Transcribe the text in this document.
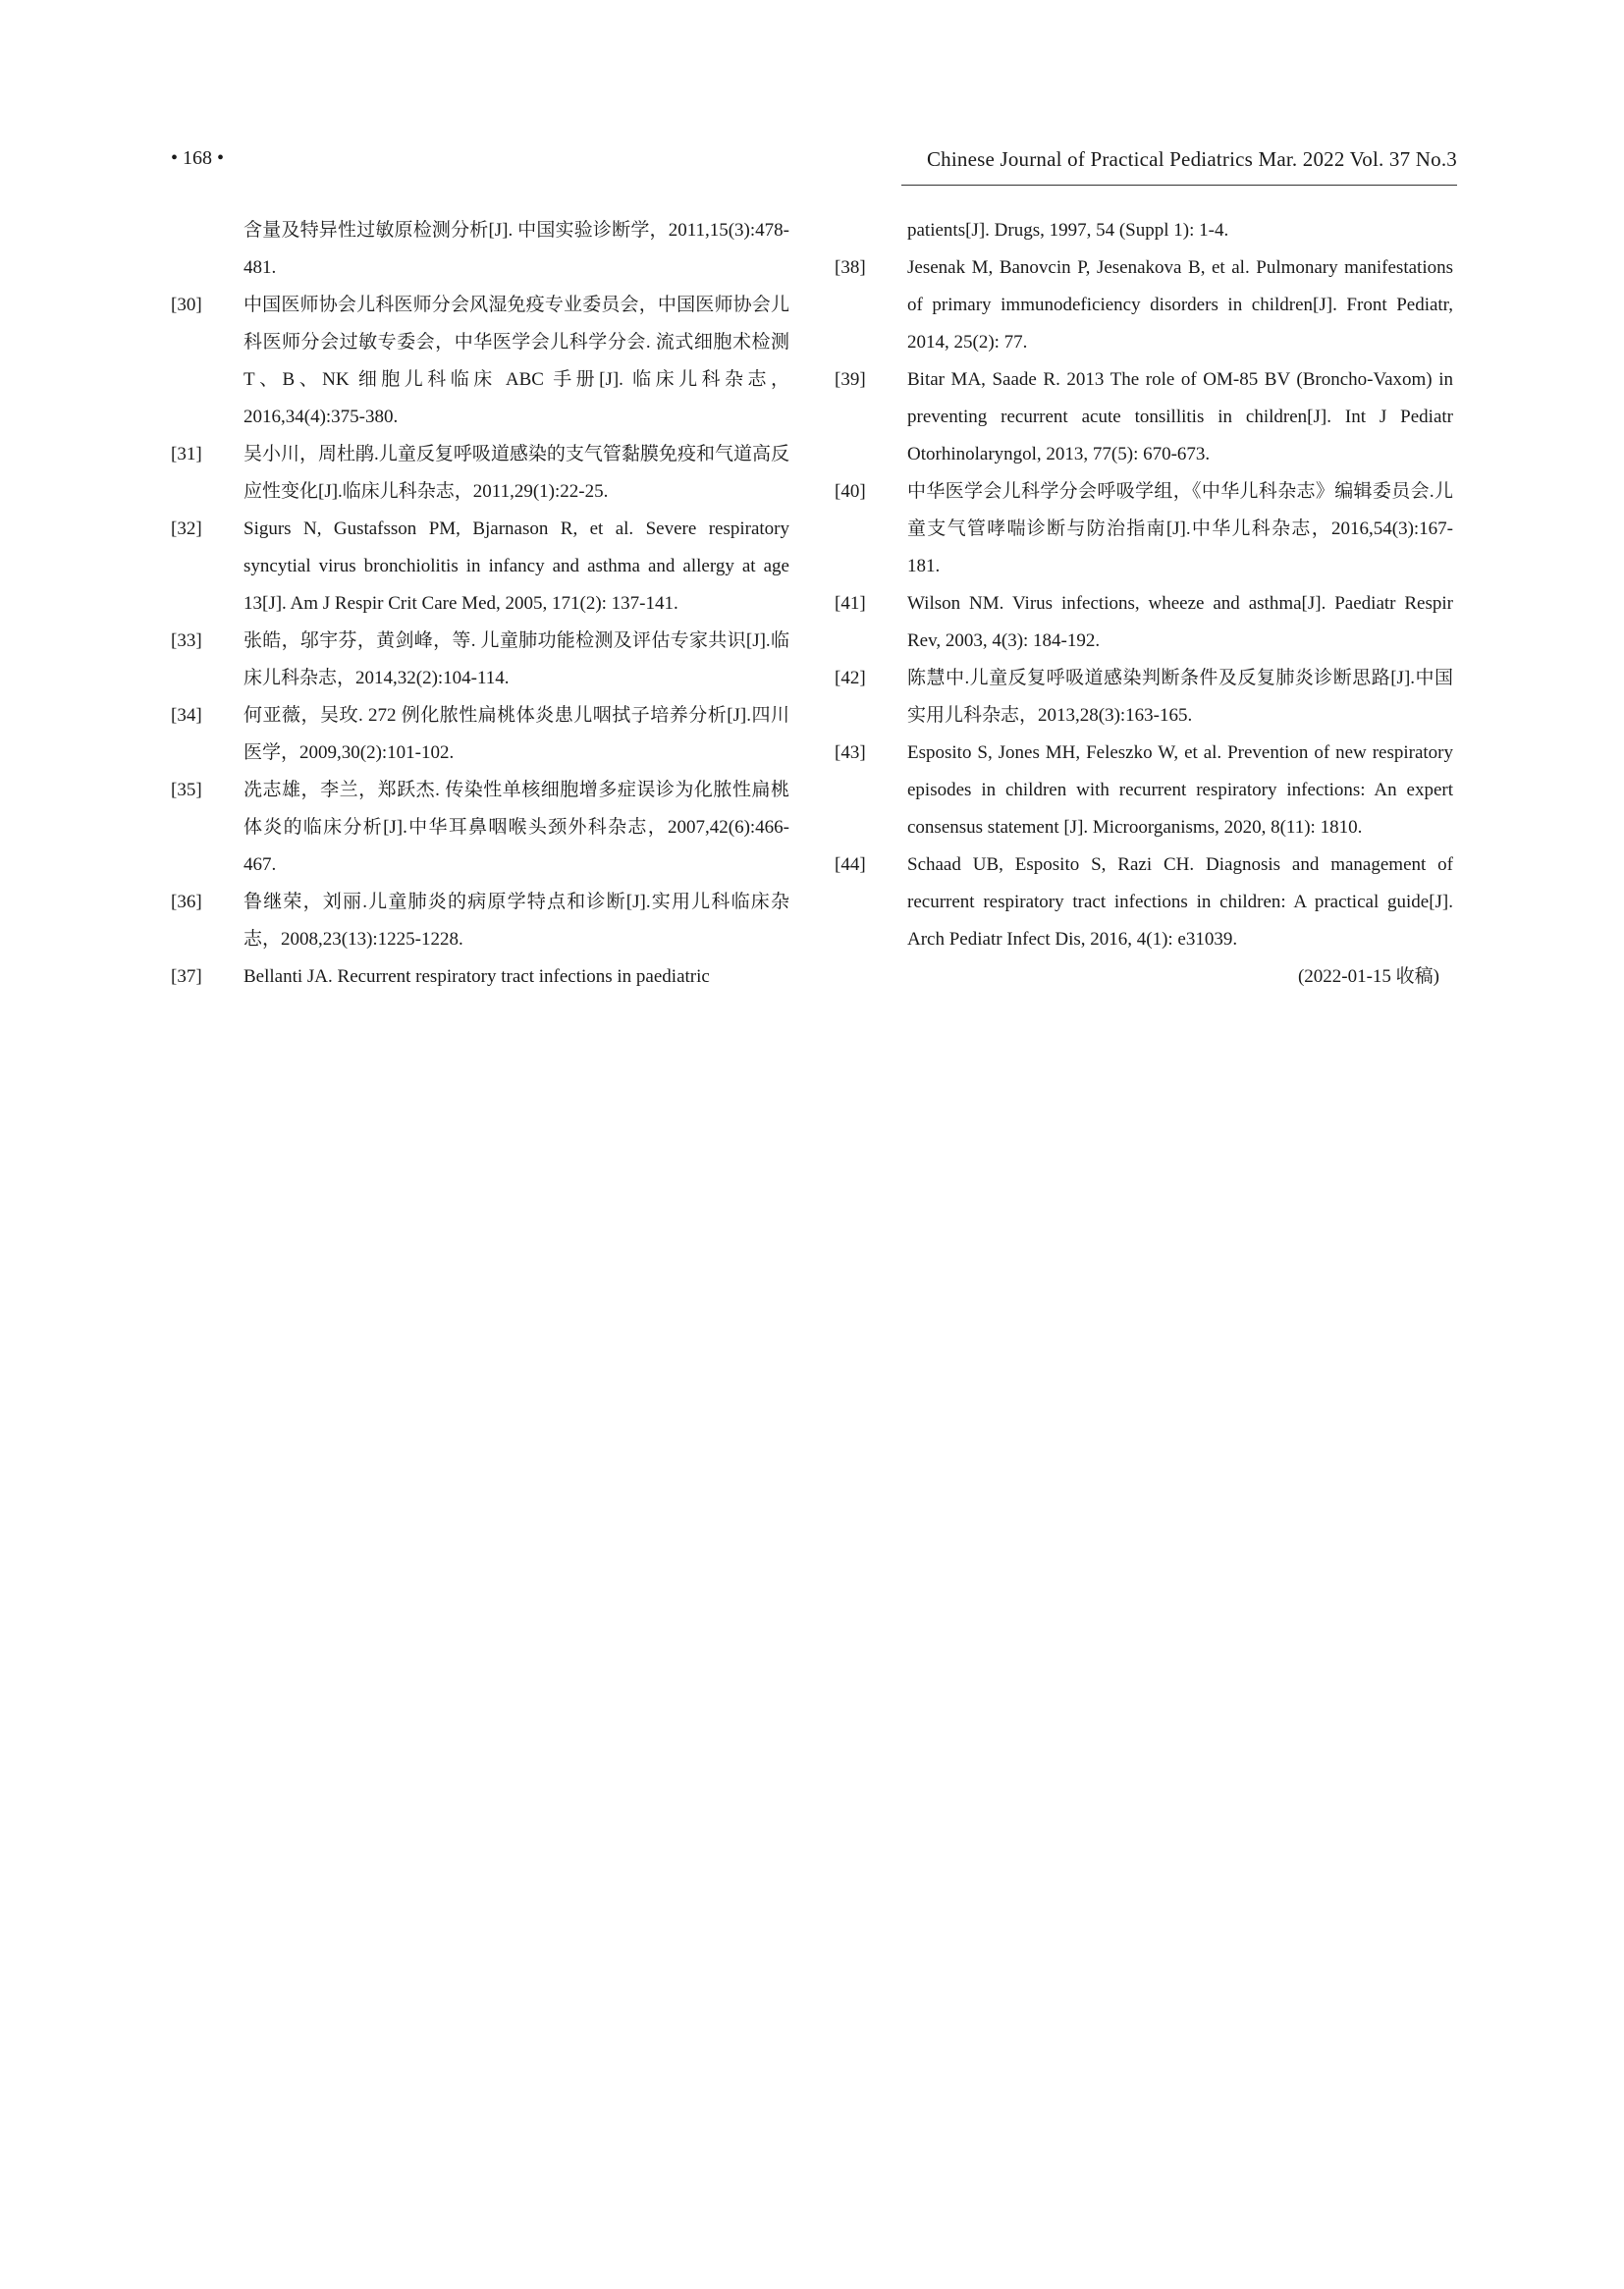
• 168 •	Chinese Journal of Practical Pediatrics Mar. 2022 Vol. 37 No.3
含量及特异性过敏原检测分析[J]. 中国实验诊断学，2011,15(3):478-481.
[30] 中国医师协会儿科医师分会风湿免疫专业委员会，中国医师协会儿科医师分会过敏专委会，中华医学会儿科学分会. 流式细胞术检测 T、B、NK 细胞儿科临床 ABC 手册[J]. 临床儿科杂志，2016,34(4):375-380.
[31] 吴小川，周杜鹃.儿童反复呼吸道感染的支气管黏膜免疫和气道高反应性变化[J].临床儿科杂志，2011,29(1):22-25.
[32] Sigurs N, Gustafsson PM, Bjarnason R, et al. Severe respiratory syncytial virus bronchiolitis in infancy and asthma and allergy at age 13[J]. Am J Respir Crit Care Med, 2005, 171(2): 137-141.
[33] 张皓，邬宇芬，黄剑峰，等. 儿童肺功能检测及评估专家共识[J].临床儿科杂志，2014,32(2):104-114.
[34] 何亚薇，吴玫. 272 例化脓性扁桃体炎患儿咽拭子培养分析[J].四川医学，2009,30(2):101-102.
[35] 冼志雄，李兰，郑跃杰. 传染性单核细胞增多症误诊为化脓性扁桃体炎的临床分析[J].中华耳鼻咽喉头颈外科杂志，2007,42(6):466-467.
[36] 鲁继荣，刘丽.儿童肺炎的病原学特点和诊断[J].实用儿科临床杂志，2008,23(13):1225-1228.
[37] Bellanti JA. Recurrent respiratory tract infections in paediatric
patients[J]. Drugs, 1997, 54 (Suppl 1): 1-4.
[38] Jesenak M, Banovcin P, Jesenakova B, et al. Pulmonary manifestations of primary immunodeficiency disorders in children[J]. Front Pediatr, 2014, 25(2): 77.
[39] Bitar MA, Saade R. 2013 The role of OM-85 BV (Broncho-Vaxom) in preventing recurrent acute tonsillitis in children[J]. Int J Pediatr Otorhinolaryngol, 2013, 77(5): 670-673.
[40] 中华医学会儿科学分会呼吸学组，《中华儿科杂志》编辑委员会.儿童支气管哮喘诊断与防治指南[J].中华儿科杂志，2016,54(3):167-181.
[41] Wilson NM. Virus infections, wheeze and asthma[J]. Paediatr Respir Rev, 2003, 4(3): 184-192.
[42] 陈慧中.儿童反复呼吸道感染判断条件及反复肺炎诊断思路[J].中国实用儿科杂志，2013,28(3):163-165.
[43] Esposito S, Jones MH, Feleszko W, et al. Prevention of new respiratory episodes in children with recurrent respiratory infections: An expert consensus statement [J]. Microorganisms, 2020, 8(11): 1810.
[44] Schaad UB, Esposito S, Razi CH. Diagnosis and management of recurrent respiratory tract infections in children: A practical guide[J]. Arch Pediatr Infect Dis, 2016, 4(1): e31039.
(2022-01-15 收稿)
